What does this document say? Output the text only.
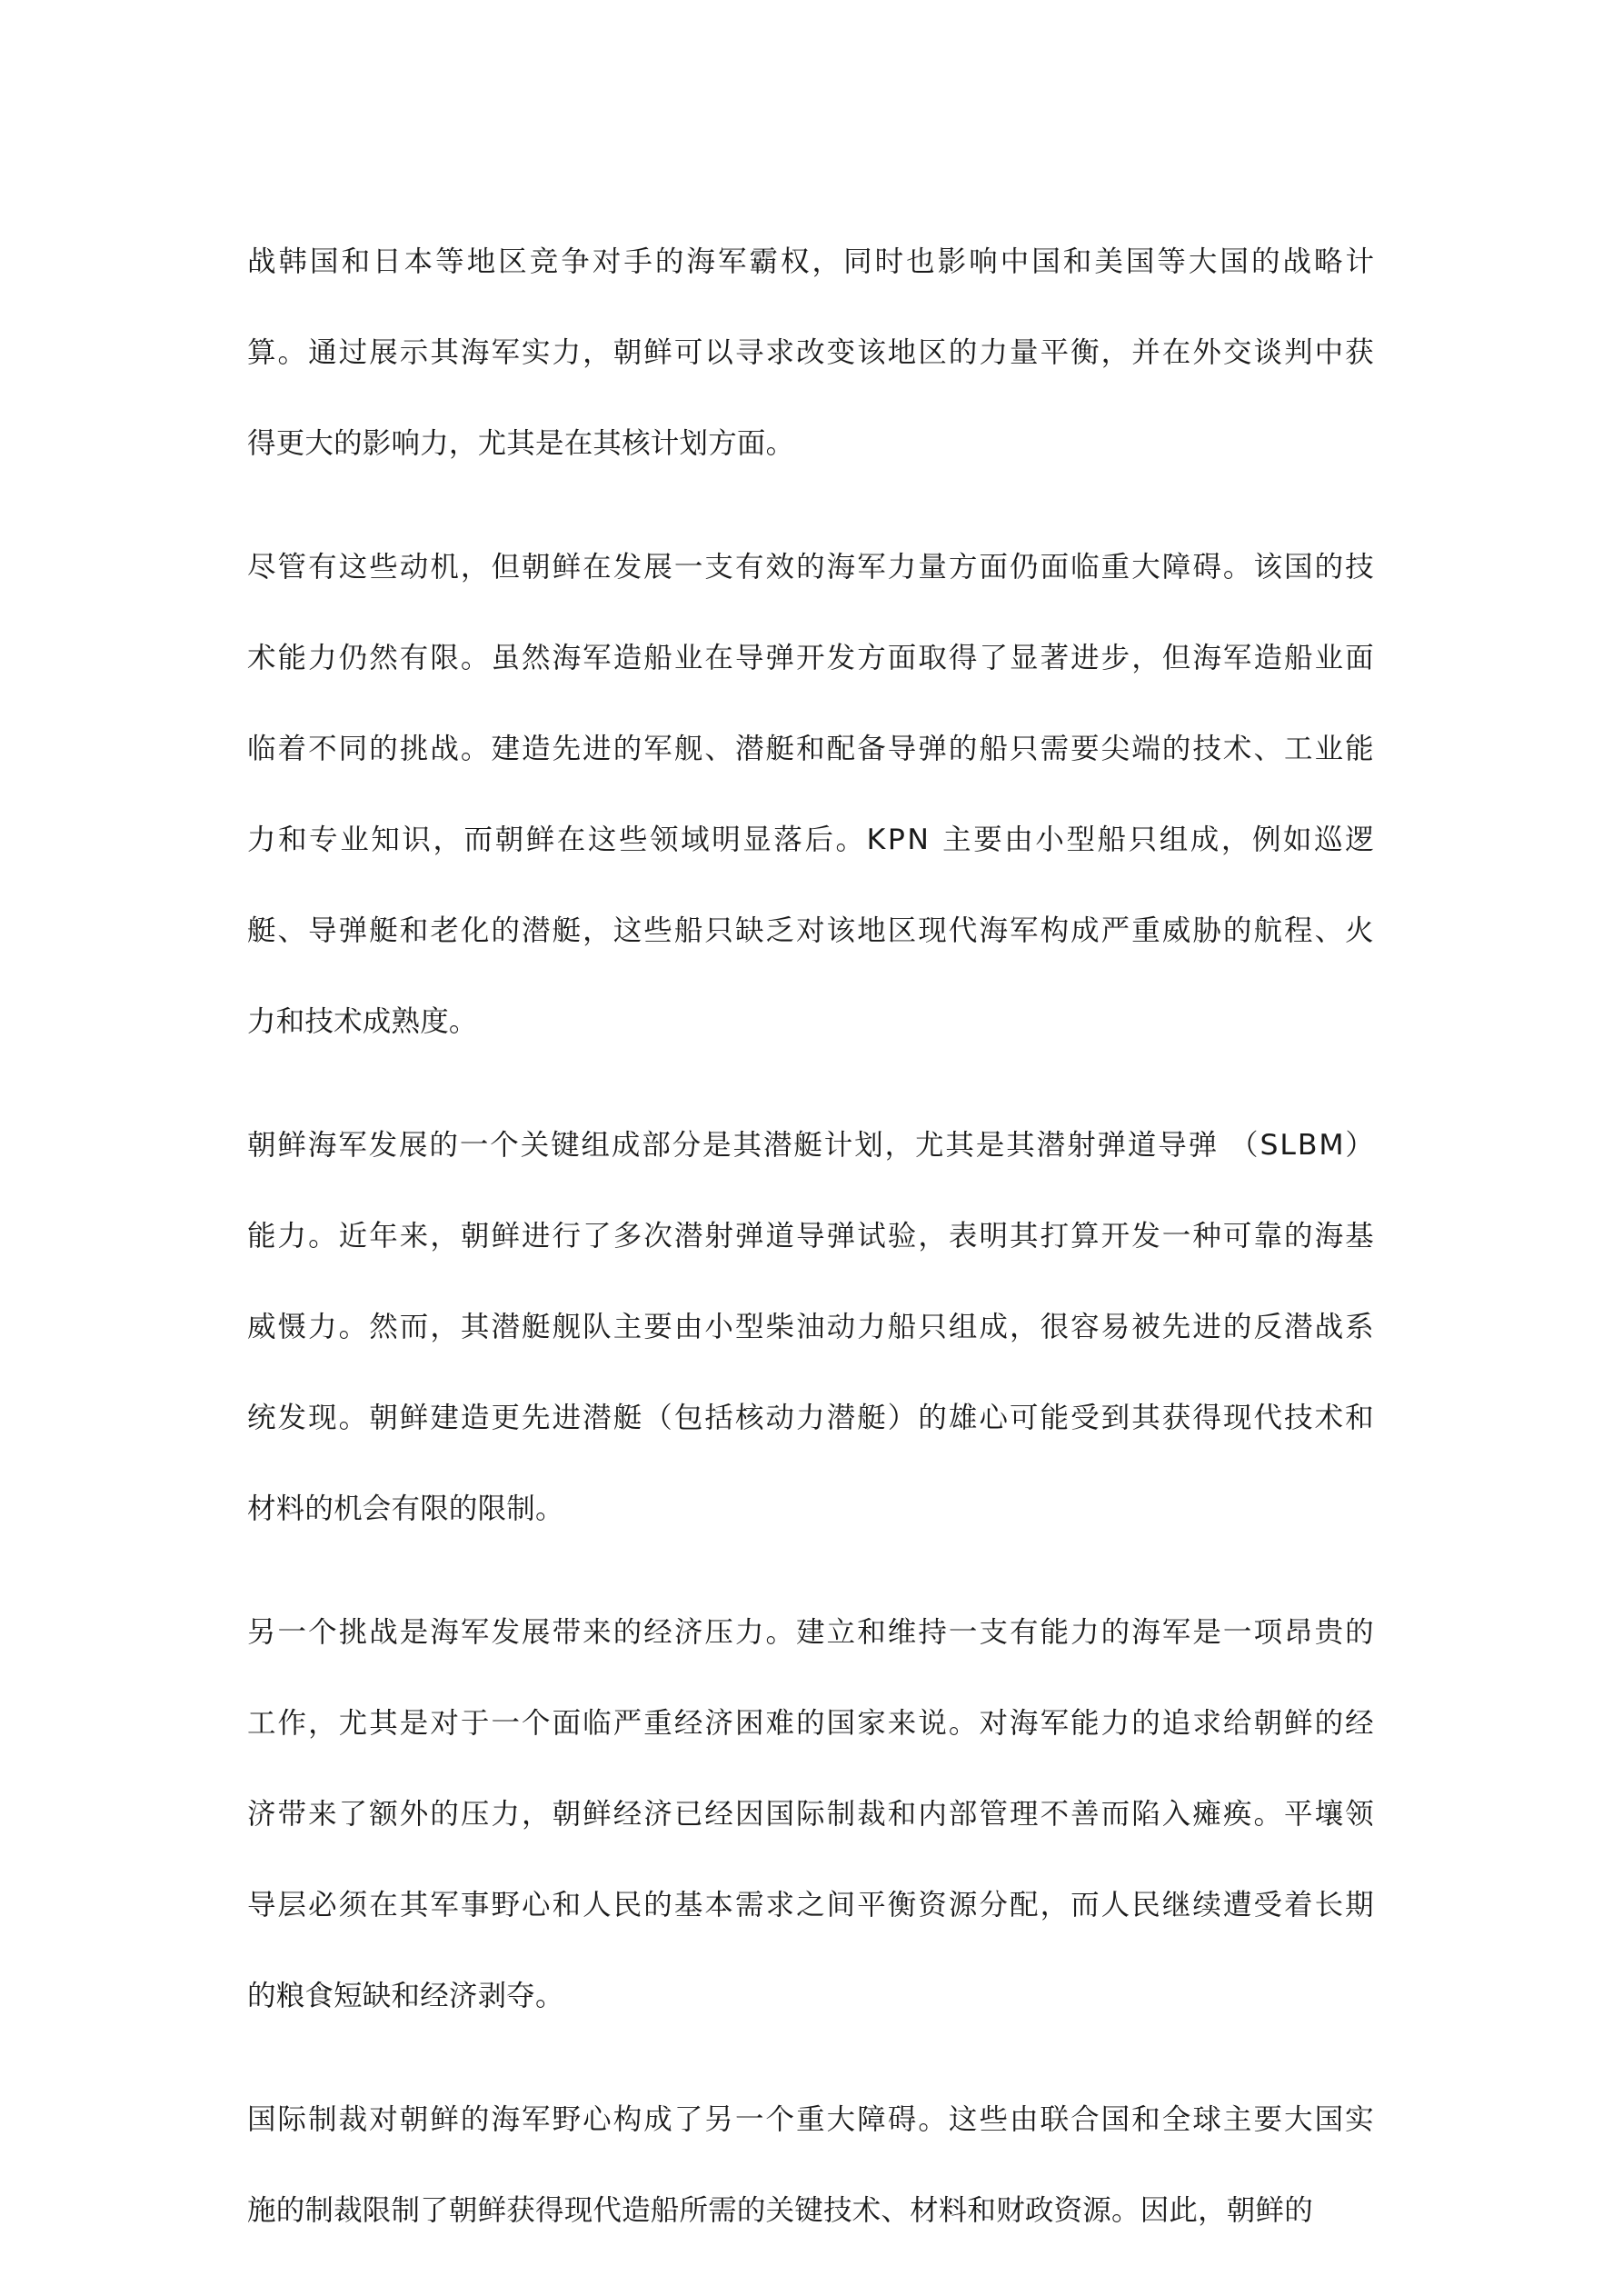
战韩国和日本等地区竞争对手的海军霸权，同时也影响中国和美国等大国的战略计
算。通过展示其海军实力，朝鲜可以寻求改变该地区的力量平衡，并在外交谈判中获
得更大的影响力，尤其是在其核计划方面。

尽管有这些动机，但朝鲜在发展一支有效的海军力量方面仍面临重大障碍。该国的技
术能力仍然有限。虽然海军造船业在导弹开发方面取得了显著进步，但海军造船业面
临着不同的挑战。建造先进的军舰、潜艇和配备导弹的船只需要尖端的技术、工业能
力和专业知识，而朝鲜在这些领域明显落后。KPN 主要由小型船只组成，例如巡逻
艇、导弹艇和老化的潜艇，这些船只缺乏对该地区现代海军构成严重威胁的航程、火
力和技术成熟度。

朝鲜海军发展的一个关键组成部分是其潜艇计划，尤其是其潜射弹道导弹 （SLBM）
能力。近年来，朝鲜进行了多次潜射弹道导弹试验，表明其打算开发一种可靠的海基
威慑力。然而，其潜艇舰队主要由小型柴油动力船只组成，很容易被先进的反潜战系
统发现。朝鲜建造更先进潜艇（包括核动力潜艇）的雄心可能受到其获得现代技术和
材料的机会有限的限制。

另一个挑战是海军发展带来的经济压力。建立和维持一支有能力的海军是一项昂贵的
工作，尤其是对于一个面临严重经济困难的国家来说。对海军能力的追求给朝鲜的经
济带来了额外的压力，朝鲜经济已经因国际制裁和内部管理不善而陷入瘫痪。平壤领
导层必须在其军事野心和人民的基本需求之间平衡资源分配，而人民继续遭受着长期
的粮食短缺和经济剥夺。

国际制裁对朝鲜的海军野心构成了另一个重大障碍。这些由联合国和全球主要大国实
施的制裁限制了朝鲜获得现代造船所需的关键技术、材料和财政资源。因此，朝鲜的
